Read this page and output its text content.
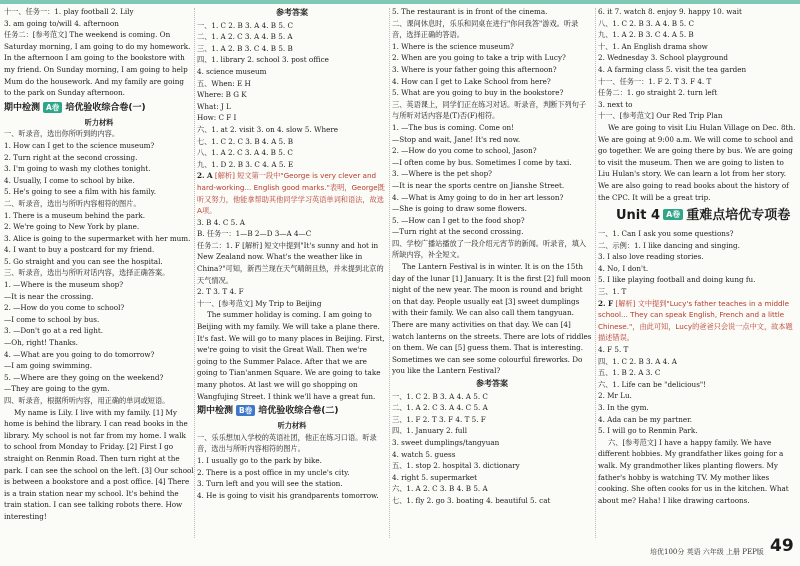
十一、任务一：1. play football 2. Lily
3. am going to/will 4. afternoon
任务二：[参考范文] The weekend is coming. On
Saturday morning, I am going to do my homework.
In the afternoon I am going to the bookstore with
my friend. On Sunday morning, I am going to help
Mum do the housework. And my family are going
to the park on Sunday afternoon.
期中检测 A卷 培优验收综合卷(一)
听力材料
一、听录音，选出你所听到的内容。
1. How can I get to the science museum?
2. Turn right at the second crossing.
3. I'm going to wash my clothes tonight.
4. Usually, I come to school by bike.
5. He's going to see a film with his family.
二、听录音，选出与所听内容相符的图片。
1. There is a museum behind the park.
2. We're going to New York by plane.
3. Alice is going to the supermarket with her mum.
4. I want to buy a postcard for my friend.
5. Go straight and you can see the hospital.
三、听录音，选出与所听对话内容，选择正确答案。
1. —Where is the museum shop?
—It is near the crossing.
2. —How do you come to school?
—I come to school by bus.
3. —Don't go at a red light.
—Oh, right! Thanks.
4. —What are you going to do tomorrow?
—I am going swimming.
5. —Where are they going on the weekend?
—They are going to the gym.
四、听录音，根据所听内容，用正确的单词或短语。
My name is Lily. I live with my family. [1] My home is behind the library. I can read books in the library. My school is not far from my home. I walk to school from Monday to Friday. [2] First I go straight on Renmin Road. Then turn right at the park. I can see the school on the left. [3] Our school is between a bookstore and a post office. [4] There is a train station near my school. It's behind the train station. I can see talking robots there. How interesting!
参考答案
一、1. C 2. B 3. A 4. B 5. C
二、1. A 2. C 3. A 4. B 5. A
三、1. A 2. B 3. C 4. B 5. B
四、1. library 2. school 3. post office
4. science museum
五、When: E H
Where: B G K
What: J L
How: C F I
六、1. at 2. visit 3. on 4. slow 5. Where
七、1. C 2. C 3. B 4. A 5. B
八、1. A 2. C 3. A 4. B 5. C
九、1. D 2. B 3. C 4. A 5. E
2. A [解析] 短文第一段中"George is very clever and hard-working... English good marks."表明，George既听又努力，他能拿帮助其他同学学习英语单词和语法，故选A项。
3. B 4. C 5. A
B. 任务一：1—B 2—D 3—A 4—C
任务二：1. F [解析] 短文中提到"It's sunny and hot in New Zealand now. What's the weather like in China?"可知，新西兰现在天气晴朗且热，并未提到北京的天气情况。
2. T 3. T 4. F
十一、[参考范文] My Trip to Beijing
The summer holiday is coming. I am going to Beijing with my family. We will take a plane there. It's fast. We will go to many places in Beijing. First, we're going to visit the Great Wall. Then we're going to the Summer Palace. After that we are going to Tian'anmen Square. We are going to take many photos. At last we will go shopping on Wangfujing Street. I think we'll have a great fun.
期中检测 B卷 培优验收综合卷(二)
听力材料
一、乐乐想加入学校的英语社团，他正在练习口语。听录音，选出与所听内容相符的图片。
1. I usually go to the park by bike.
2. There is a post office in my uncle's city.
3. Turn left and you will see the station.
4. He is going to visit his grandparents tomorrow.
5. The restaurant is in front of the cinema.
二、课间休息时，乐乐和同桌在进行"你问我答"游戏。听录音，选择正确的答语。
1. Where is the science museum?
2. When are you going to take a trip with Lucy?
3. Where is your father going this afternoon?
4. How can I get to Lake School from here?
5. What are you going to buy in the bookstore?
三、英语课上，同学们正在练习对话。听录音，判断下列句子与所听对话内容是(T)否(F)相符。
1. —The bus is coming. Come on!
—Stop and wait, Jane! It's red now.
2. —How do you come to school, Jason?
—I often come by bus. Sometimes I come by taxi.
3. —Where is the pet shop?
—It is near the sports centre on Jianshe Street.
4. —What is Amy going to do in her art lesson?
—She is going to draw some flowers.
5. —How can I get to the food shop?
—Turn right at the second crossing.
四、学校广播站播放了一段介绍元宵节的新闻。听录音，填入所缺内容，补全短文。
The Lantern Festival is in winter. It is on the 15th day of the lunar [1] January. It is the first [2] full moon night of the new year. The moon is round and bright on that day. People usually eat [3] sweet dumplings with their family. We can also call them tangyuan. There are many activities on that day. We can [4] watch lanterns on the streets. There are lots of riddles on them. We can [5] guess them. That is interesting. Sometimes we can see some colourful fireworks. Do you like the Lantern Festival?
参考答案
一、1. C 2. B 3. A 4. A 5. C
二、1. A 2. C 3. A 4. C 5. A
三、1. F 2. T 3. F 4. T 5. F
四、1. January 2. full
3. sweet dumplings/tangyuan
4. watch 5. guess
五、1. stop 2. hospital 3. dictionary
4. right 5. supermarket
六、1. A 2. C 3. B 4. B 5. A
七、1. fly 2. go 3. boating 4. beautiful 5. cat
6. it 7. watch 8. enjoy 9. happy 10. wait
八、1. C 2. B 3. A 4. B 5. C
九、1. A 2. B 3. C 4. A 5. B
十、1. An English drama show
2. Wednesday 3. School playground
4. A farming class 5. visit the tea garden
十一、任务一：1. F 2. T 3. F 4. T
任务二：1. go straight 2. turn left
3. next to
十一、[参考范文] Our Red Trip Plan
We are going to visit Liu Hulan Village on Dec. 8th. We are going at 9:00 a.m. We will come to school and go together. We are going there by bus. We are going to visit the museum. Then we are going to listen to Liu Hulan's story. We can learn a lot from her story. We are also going to read books about the history of the CPC. It will be a great trip.
Unit 4 A卷 重难点培优专项卷
一、1. Can I ask you some questions?
二、示例：1. I like dancing and singing.
3. I also love reading stories.
4. No, I don't.
5. I like playing football and doing kung fu.
三、1. T
2. F [解析] 文中提到"Lucy's father teaches in a middle school... They can speak English, French and a little Chinese."，由此可知，Lucy的爸爸只会说一点中文，故本题描述错误。
4. F 5. T
四、1. C 2. B 3. A 4. A
五、1. B 2. A 3. C
六、1. Life can be "delicious"!
2. Mr Lu.
3. In the gym.
4. Ada can be my partner.
5. I will go to Renmin Park.
六、[参考范文] I have a happy family. We have different hobbies. My grandfather likes going for a walk. My grandmother likes planting flowers. My father's hobby is watching TV. My mother likes cooking. She often cooks for us in the kitchen. What about me? Haha! I like drawing cartoons.
培优100分 英语 六年级 上册 PEP版 49
